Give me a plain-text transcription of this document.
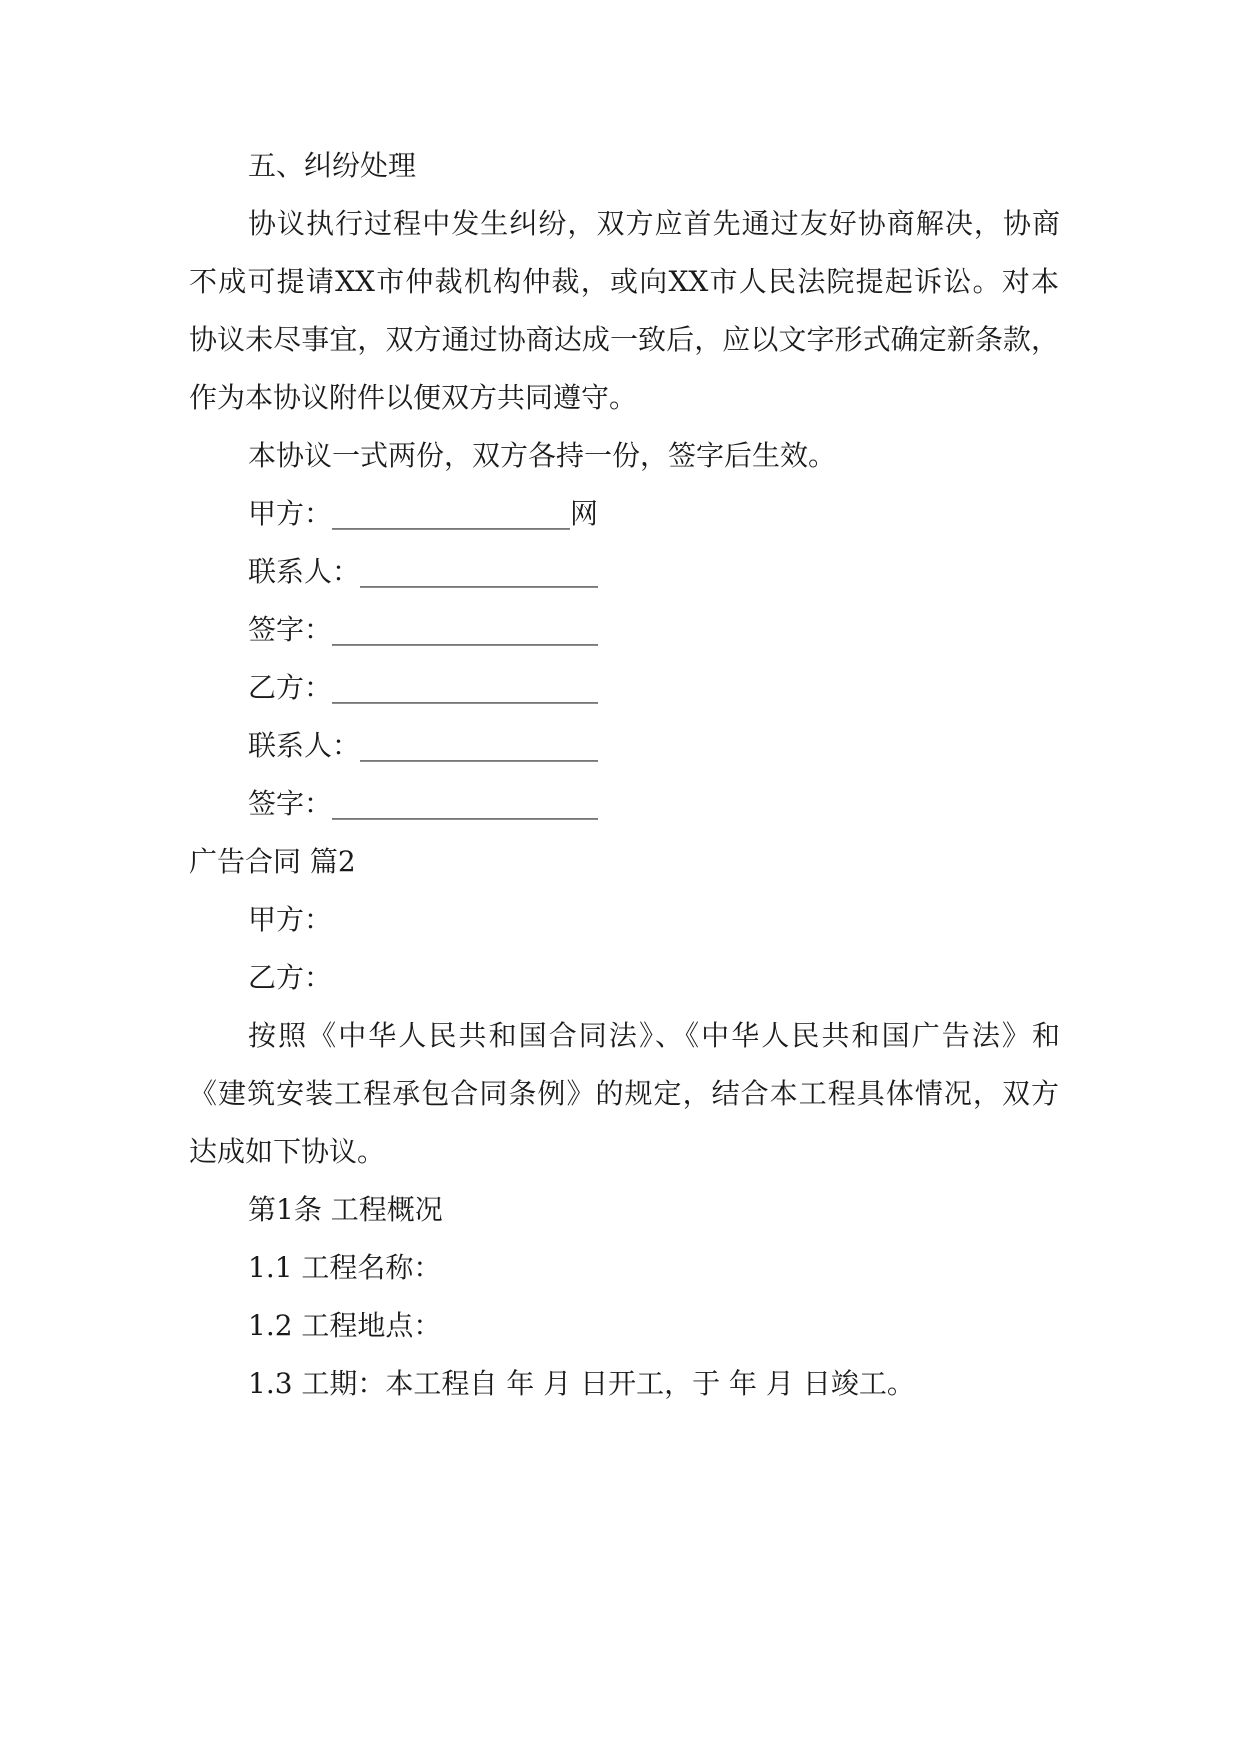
五、纠纷处理
协议执行过程中发生纠纷，双方应首先通过友好协商解决，协商
不成可提请XX市仲裁机构仲裁，或向XX市人民法院提起诉讼。对本
协议未尽事宜，双方通过协商达成一致后，应以文字形式确定新条款，
作为本协议附件以便双方共同遵守。
本协议一式两份，双方各持一份，签字后生效。
甲方：_________________网
联系人：_________________
签字：___________________
乙方：___________________
联系人：_________________
签字：___________________
广告合同 篇2
甲方：
乙方：
按照《中华人民共和国合同法》、《中华人民共和国广告法》和
《建筑安装工程承包合同条例》的规定，结合本工程具体情况，双方
达成如下协议。
第1条 工程概况
1.1 工程名称：
1.2 工程地点：
1.3 工期：本工程自 年 月 日开工，于 年 月 日竣工。
